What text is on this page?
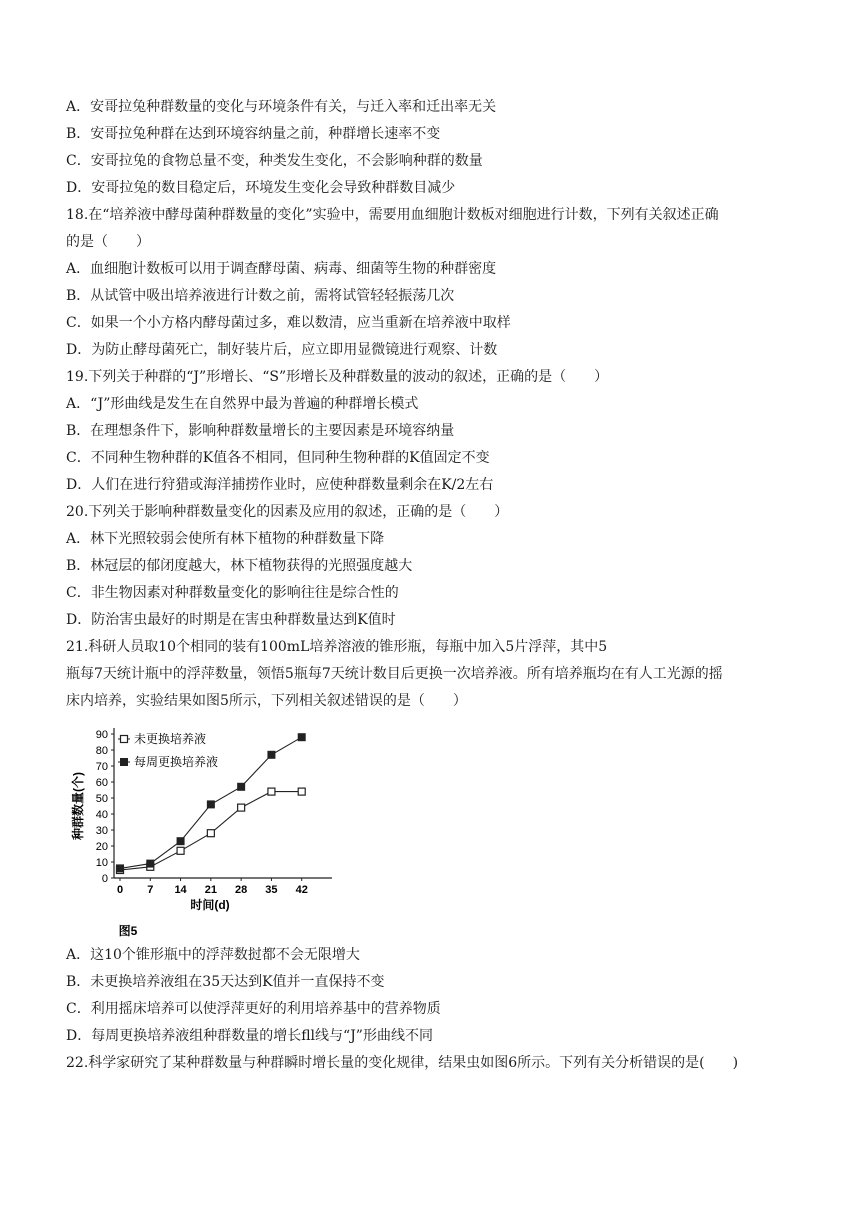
A．安哥拉兔种群数量的变化与环境条件有关，与迁入率和迁出率无关
B．安哥拉兔种群在达到环境容纳量之前，种群增长速率不变
C．安哥拉兔的食物总量不变，种类发生变化，不会影响种群的数量
D．安哥拉兔的数目稳定后，环境发生变化会导致种群数目减少
18.在“培养液中酵母菌种群数量的变化”实验中，需要用血细胞计数板对细胞进行计数，下列有关叙述正确
的是（　　）
A．血细胞计数板可以用于调查酵母菌、病毒、细菌等生物的种群密度
B．从试管中吸出培养液进行计数之前，需将试管轻轻振荡几次
C．如果一个小方格内酵母菌过多，难以数清，应当重新在培养液中取样
D．为防止酵母菌死亡，制好装片后，应立即用显微镜进行观察、计数
19.下列关于种群的“J”形增长、“S”形增长及种群数量的波动的叙述，正确的是（　　）
A．“J”形曲线是发生在自然界中最为普遍的种群增长模式
B．在理想条件下，影响种群数量增长的主要因素是环境容纳量
C．不同种生物种群的K值各不相同，但同种生物种群的K值固定不变
D．人们在进行狩猎或海洋捕捞作业时，应使种群数量剩余在K/2左右
20.下列关于影响种群数量变化的因素及应用的叙述，正确的是（　　）
A．林下光照较弱会使所有林下植物的种群数量下降
B．林冠层的郁闭度越大，林下植物获得的光照强度越大
C．非生物因素对种群数量变化的影响往往是综合性的
D．防治害虫最好的时期是在害虫种群数量达到K值时
21.科研人员取10个相同的装有100mL培养溶液的锥形瓶，每瓶中加入5片浮萍，其中5
瓶每7天统计瓶中的浮萍数量，领悟5瓶每7天统计数目后更换一次培养液。所有培养瓶均在有人工光源的摇
床内培养，实验结果如图5所示，下列相关叙述错误的是（　　）
0
10
20
30
40
50
60
70
80
90
0 7 14 21 28 35 42
种群数量(个)
时间(d)
图5
未更换培养液
每周更换培养液
A．这10个锥形瓶中的浮萍数挝都不会无限增大
B．未更换培养液组在35天达到K值并一直保持不变
C．利用摇床培养可以使浮萍更好的利用培养基中的营养物质
D．每周更换培养液组种群数量的增长fll线与“J”形曲线不同
22.科学家研究了某种群数量与种群瞬时增长量的变化规律，结果虫如图6所示。下列有关分析错误的是(　　)
